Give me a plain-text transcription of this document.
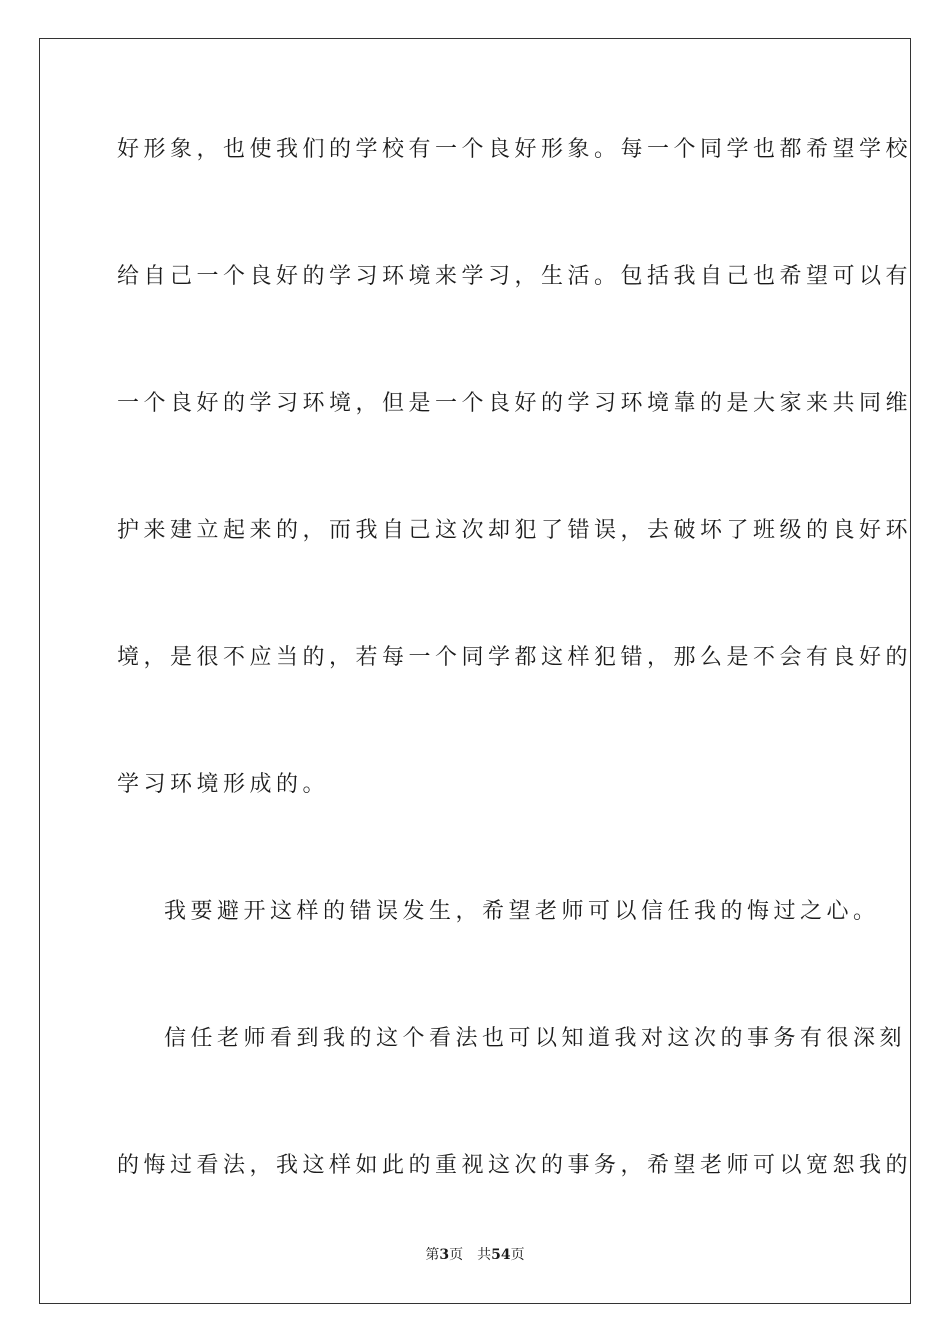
好形象，也使我们的学校有一个良好形象。每一个同学也都希望学校
给自己一个良好的学习环境来学习，生活。包括我自己也希望可以有
一个良好的学习环境，但是一个良好的学习环境靠的是大家来共同维
护来建立起来的，而我自己这次却犯了错误，去破坏了班级的良好环
境，是很不应当的，若每一个同学都这样犯错，那么是不会有良好的
学习环境形成的。
我要避开这样的错误发生，希望老师可以信任我的悔过之心。
信任老师看到我的这个看法也可以知道我对这次的事务有很深刻
的悔过看法，我这样如此的重视这次的事务，希望老师可以宽恕我的
第3页 共54页
